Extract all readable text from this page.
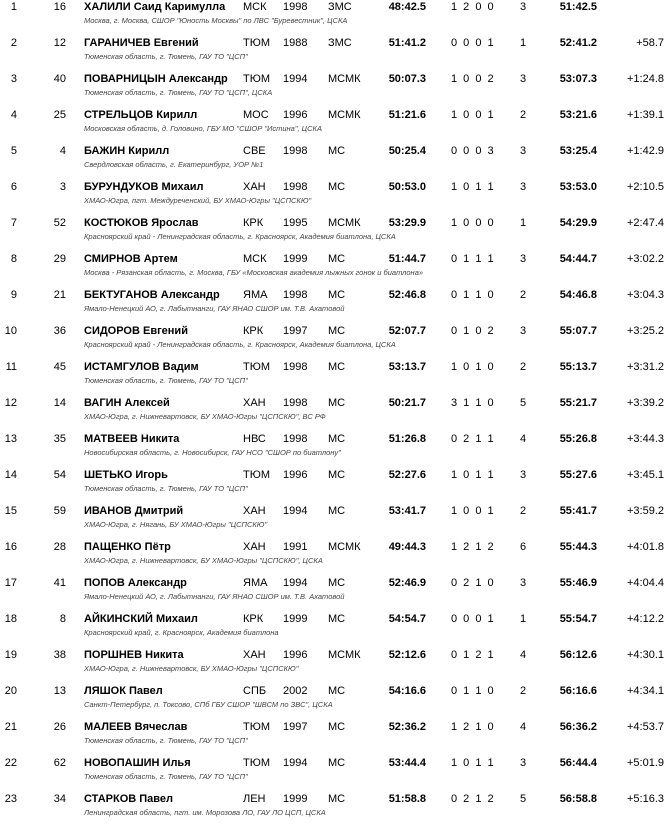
1	16 ХАЛИЛИ Саид Каримулла МСК 1998 ЗМС	48:42.5 1 2 0 0 3	51:42.5
Москва, г. Москва, СШОР "Юность Москвы" по ЛВС "Буревестник", ЦСКА
2	12 ГАРАНИЧЕВ Евгений	ТЮМ 1988 ЗМС	51:41.2 0 0 0 1 1	52:41.2	+58.7
Тюменская область, г. Тюмень, ГАУ ТО "ЦСП"
3	40 ПОВАРНИЦЫН Александр ТЮМ 1994 МСМК	50:07.3 1 0 0 2 3	53:07.3	+1:24.8
Тюменская область, г. Тюмень, ГАУ ТО "ЦСП", ЦСКА
4	25 СТРЕЛЬЦОВ Кирилл	МОС 1996 МСМК	51:21.6 1 0 0 1 2	53:21.6	+1:39.1
Московская область, д. Головино, ГБУ МО "СШОР "Истина", ЦСКА
5	4 БАЖИН Кирилл	СВЕ 1998 МС	50:25.4 0 0 0 3 3	53:25.4	+1:42.9
Свердловская область, г. Екатеринбург, УОР №1
6	3 БУРУНДУКОВ Михаил	ХАН 1998 МС	50:53.0 1 0 1 1 3	53:53.0	+2:10.5
ХМАО-Югра, пгт. Междуреченский, БУ ХМАО-Югры "ЦСПСКЮ"
7	52 КОСТЮКОВ Ярослав	КРК 1995 МСМК	53:29.9 1 0 0 0 1	54:29.9	+2:47.4
Красноярский край - Ленинградская область, г. Красноярск, Академия биатлона, ЦСКА
8	29 СМИРНОВ Артем	МСК 1999 МС	51:44.7 0 1 1 1 3	54:44.7	+3:02.2
Москва - Рязанская область, г. Москва, ГБУ «Московская академия лыжных гонок и биатлона»
9	21 БЕКТУГАНОВ Александр ЯМА 1998 МС	52:46.8 0 1 1 0 2	54:46.8	+3:04.3
Ямало-Ненецкий АО, г. Лабытнанги, ГАУ ЯНАО СШОР им. Т.В. Ахатовой
10	36 СИДОРОВ Евгений	КРК 1997 МС	52:07.7 0 1 0 2 3	55:07.7	+3:25.2
Красноярский край - Ленинградская область, г. Красноярск, Академия биатлона, ЦСКА
11	45 ИСТАМГУЛОВ Вадим	ТЮМ 1998 МС	53:13.7 1 0 1 0 2	55:13.7	+3:31.2
Тюменская область, г. Тюмень, ГАУ ТО "ЦСП"
12	14 ВАГИН Алексей	ХАН 1998 МС	50:21.7 3 1 1 0 5	55:21.7	+3:39.2
ХМАО-Югра, г. Нижневартовск, БУ ХМАО-Югры "ЦСПСКЮ", ВС РФ
13	35 МАТВЕЕВ Никита	НВС 1998 МС	51:26.8 0 2 1 1 4	55:26.8	+3:44.3
Новосибирская область, г. Новосибирск, ГАУ НСО "СШОР по биатлону"
14	54 ШЕТЬКО Игорь	ТЮМ 1996 МС	52:27.6 1 0 1 1 3	55:27.6	+3:45.1
Тюменская область, г. Тюмень, ГАУ ТО "ЦСП"
15	59 ИВАНОВ Дмитрий	ХАН 1994 МС	53:41.7 1 0 0 1 2	55:41.7	+3:59.2
ХМАО-Югра, г. Нягань, БУ ХМАО-Югры "ЦСПСКЮ"
16	28 ПАЩЕНКО Пётр	ХАН 1991 МСМК	49:44.3 1 2 1 2 6	55:44.3	+4:01.8
ХМАО-Югра, г. Нижневартовск, БУ ХМАО-Югры "ЦСПСКЮ", ЦСКА
17	41 ПОПОВ Александр	ЯМА 1994 МС	52:46.9 0 2 1 0 3	55:46.9	+4:04.4
Ямало-Ненецкий АО, г. Лабытнанги, ГАУ ЯНАО СШОР им. Т.В. Ахатовой
18	8 АЙКИНСКИЙ Михаил	КРК 1999 МС	54:54.7 0 0 0 1 1	55:54.7	+4:12.2
Красноярский край, г. Красноярск, Академия биатлона
19	38 ПОРШНЕВ Никита	ХАН 1996 МСМК	52:12.6 0 1 2 1 4	56:12.6	+4:30.1
ХМАО-Югра, г. Нижневартовск, БУ ХМАО-Югры "ЦСПСКЮ"
20	13 ЛЯШОК Павел	СПБ 2002 МС	54:16.6 0 1 1 0 2	56:16.6	+4:34.1
Санкт-Петербург, п. Токсово, СПб ГБУ СШОР "ШВСМ по ЗВС", ЦСКА
21	26 МАЛЕЕВ Вячеслав	ТЮМ 1997 МС	52:36.2 1 2 1 0 4	56:36.2	+4:53.7
Тюменская область, г. Тюмень, ГАУ ТО "ЦСП"
22	62 НОВОПАШИН Илья	ТЮМ 1994 МС	53:44.4 1 0 1 1 3	56:44.4	+5:01.9
Тюменская область, г. Тюмень, ГАУ ТО "ЦСП"
23	34 СТАРКОВ Павел	ЛЕН 1999 МС	51:58.8 0 2 1 2 5	56:58.8	+5:16.3
Ленинградская область, пгт. им. Морозова ЛО, ГАУ ЛО ЦСП, ЦСКА
